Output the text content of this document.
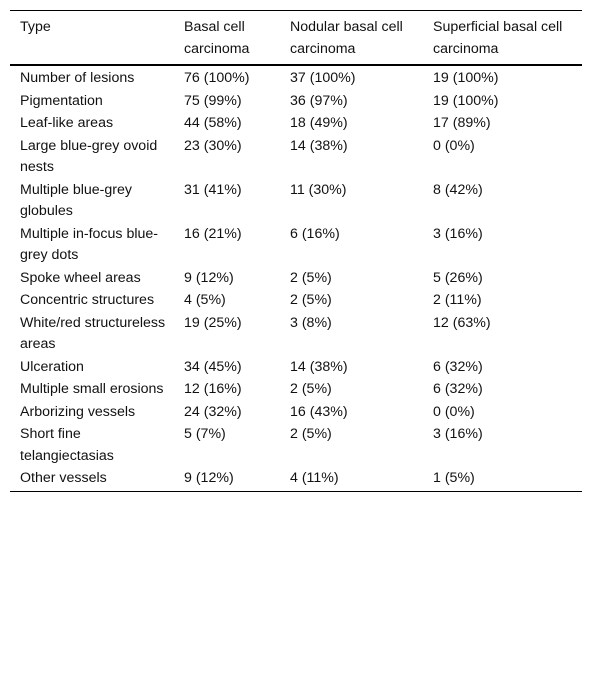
Type	Basal cell carcinoma	Nodular basal cell carcinoma	Superficial basal cell carcinoma
Number of lesions	76 (100%)	37 (100%)	19 (100%)
Pigmentation	75 (99%)	36 (97%)	19 (100%)
Leaf-like areas	44 (58%)	18 (49%)	17 (89%)
Large blue-grey ovoid nests	23 (30%)	14 (38%)	0 (0%)
Multiple blue-grey globules	31 (41%)	11 (30%)	8 (42%)
Multiple in-focus blue-grey dots	16 (21%)	6 (16%)	3 (16%)
Spoke wheel areas	9 (12%)	2 (5%)	5 (26%)
Concentric structures	4 (5%)	2 (5%)	2 (11%)
White/red structureless areas	19 (25%)	3 (8%)	12 (63%)
Ulceration	34 (45%)	14 (38%)	6 (32%)
Multiple small erosions	12 (16%)	2 (5%)	6 (32%)
Arborizing vessels	24 (32%)	16 (43%)	0 (0%)
Short fine telangiectasias	5 (7%)	2 (5%)	3 (16%)
Other vessels	9 (12%)	4 (11%)	1 (5%)
